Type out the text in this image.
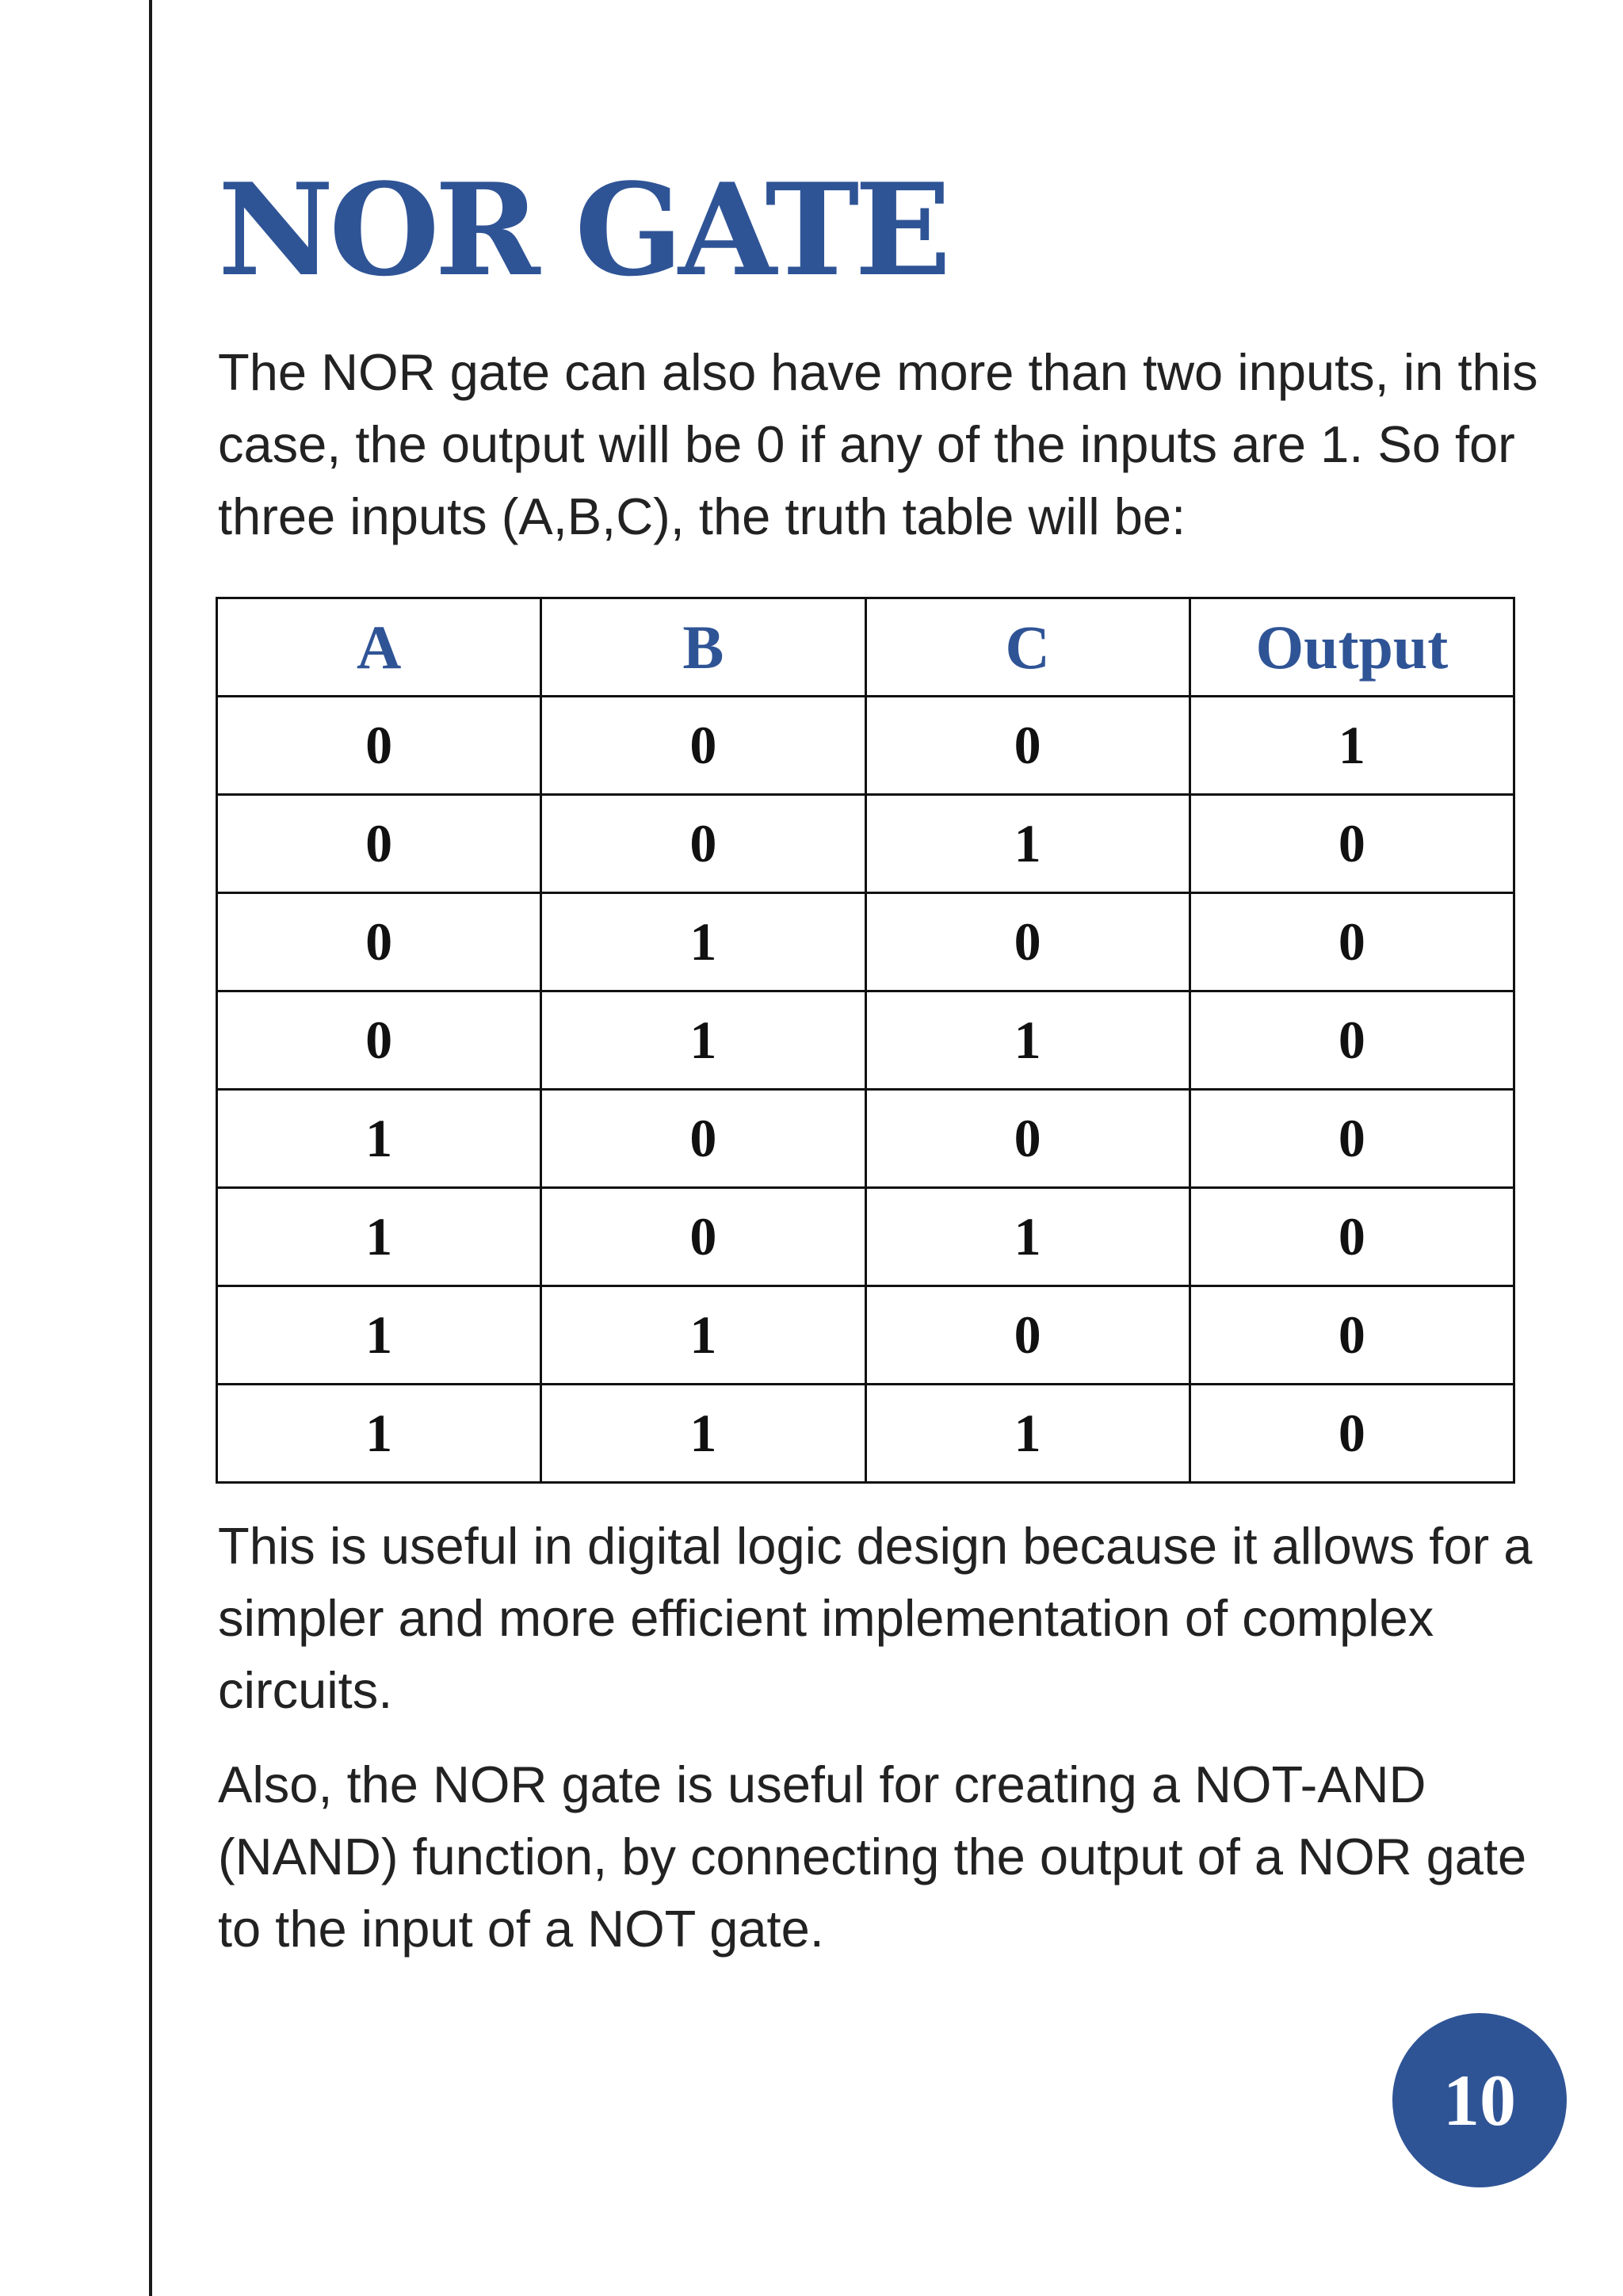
NOR GATE

The NOR gate can also have more than two inputs, in this case, the output will be 0 if any of the inputs are 1. So for three inputs (A,B,C), the truth table will be:

A	B	C	Output
0	0	0	1
0	0	1	0
0	1	0	0
0	1	1	0
1	0	0	0
1	0	1	0
1	1	0	0
1	1	1	0

This is useful in digital logic design because it allows for a simpler and more efficient implementation of complex circuits.

Also, the NOR gate is useful for creating a NOT-AND (NAND) function, by connecting the output of a NOR gate to the input of a NOT gate.

10
